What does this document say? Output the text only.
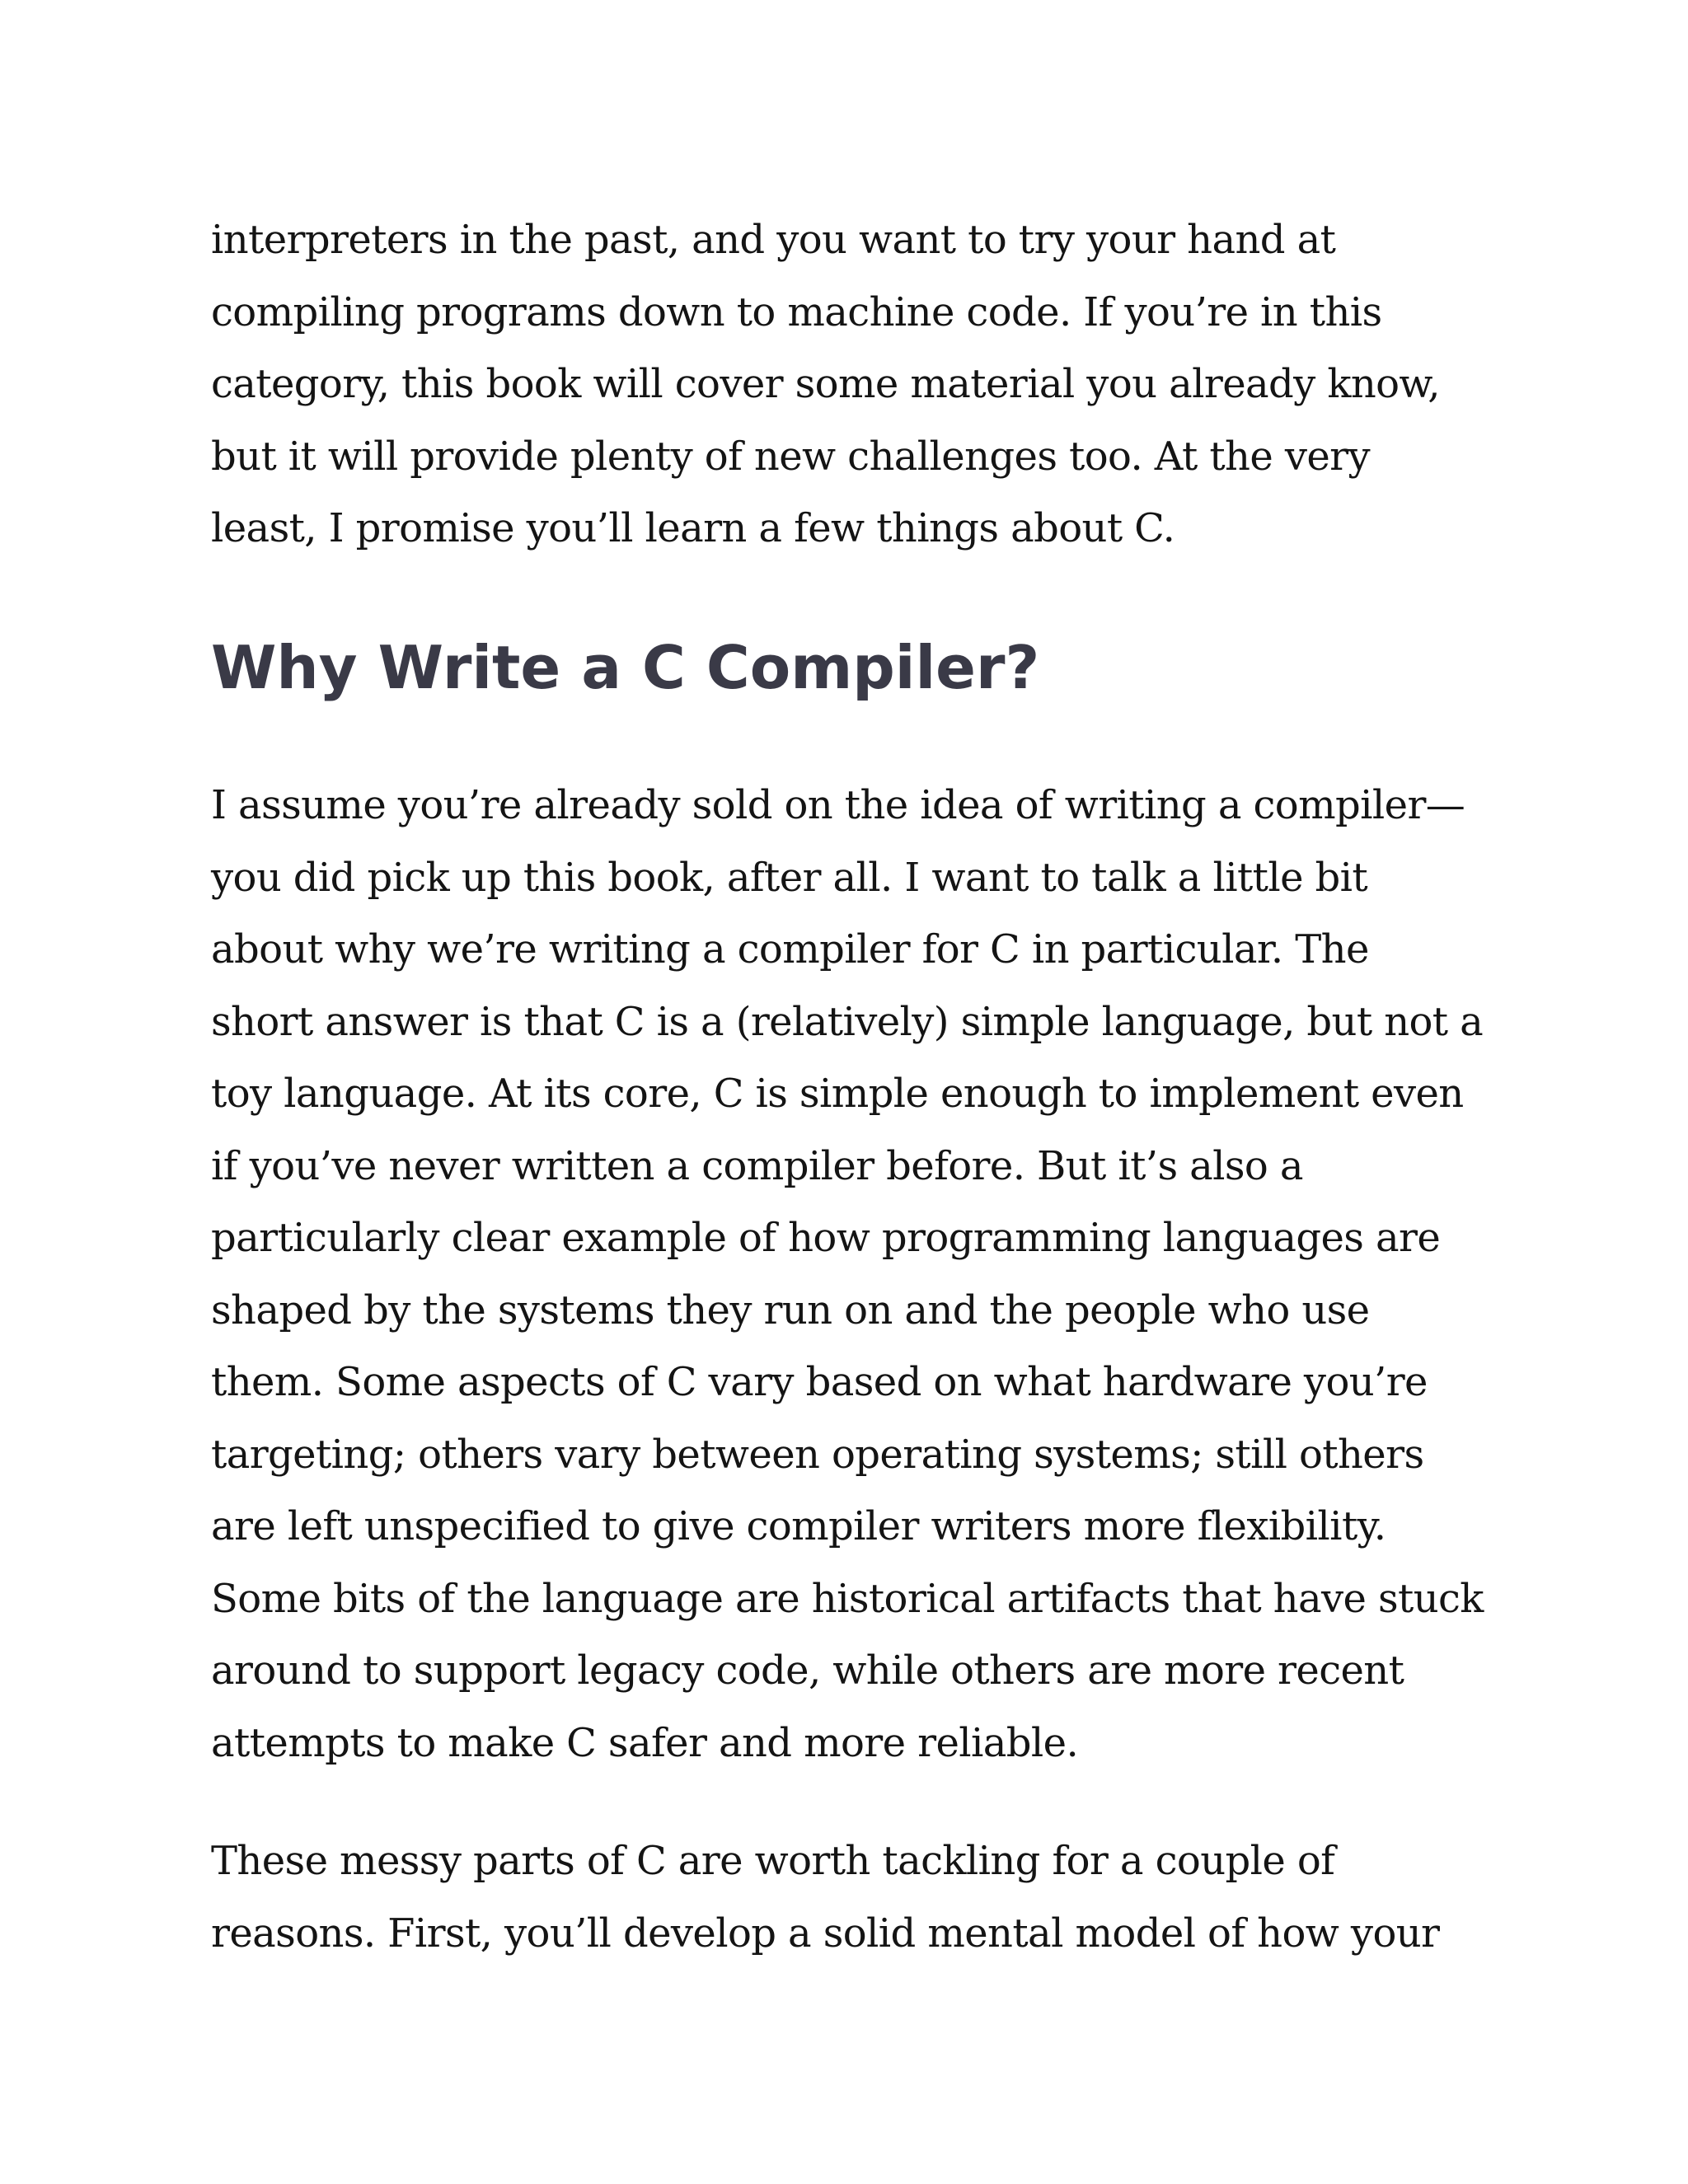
interpreters in the past, and you want to try your hand at
compiling programs down to machine code. If you’re in this
category, this book will cover some material you already know,
but it will provide plenty of new challenges too. At the very
least, I promise you’ll learn a few things about C.
Why Write a C Compiler?
I assume you’re already sold on the idea of writing a compiler—
you did pick up this book, after all. I want to talk a little bit
about why we’re writing a compiler for C in particular. The
short answer is that C is a (relatively) simple language, but not a
toy language. At its core, C is simple enough to implement even
if you’ve never written a compiler before. But it’s also a
particularly clear example of how programming languages are
shaped by the systems they run on and the people who use
them. Some aspects of C vary based on what hardware you’re
targeting; others vary between operating systems; still others
are left unspecified to give compiler writers more flexibility.
Some bits of the language are historical artifacts that have stuck
around to support legacy code, while others are more recent
attempts to make C safer and more reliable.
These messy parts of C are worth tackling for a couple of
reasons. First, you’ll develop a solid mental model of how your
